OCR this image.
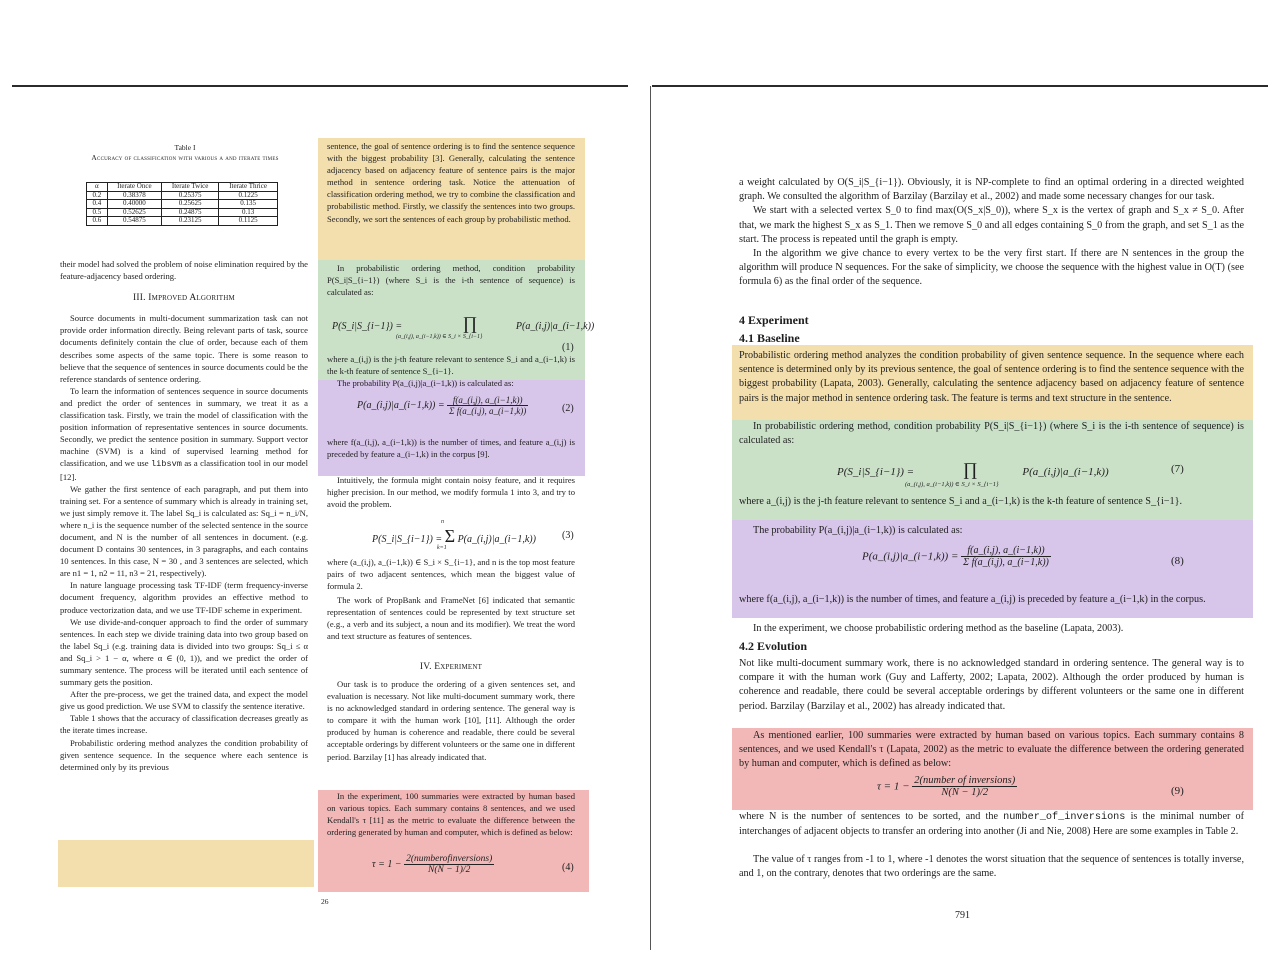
Table I
Accuracy of classification with various α and iterate times
α	Iterate Once	Iterate Twice	Iterate Thrice
0.2	0.38378	0.25375	0.1225
0.4	0.40000	0.25625	0.135
0.5	0.52625	0.24875	0.13
0.6	0.54875	0.23125	0.1125

their model had solved the problem of noise elimination required by the feature-adjacency based ordering.

III. Improved Algorithm

Source documents in multi-document summarization task can not provide order information directly. Being relevant parts of task, source documents definitely contain the clue of order, because each of them describes some aspects of the same topic. There is some reason to believe that the sequence of sentences in source documents could be the reference standards of sentence ordering.

To learn the information of sentences sequence in source documents and predict the order of sentences in summary, we treat it as a classification task. Firstly, we train the model of classification with the position information of representative sentences in source documents. Secondly, we predict the sentence position in summary. Support vector machine (SVM) is a kind of supervised learning method for classification, and we use libsvm as a classification tool in our model [12].

We gather the first sentence of each paragraph, and put them into training set. For a sentence of summary which is already in training set, we just simply remove it. The label Sq_i is calculated as: Sq_i = n_i/N, where n_i is the sequence number of the selected sentence in the source document, and N is the number of all sentences in document. (e.g. document D contains 30 sentences, in 3 paragraphs, and each contains 10 sentences. In this case, N = 30 , and 3 sentences are selected, which are n1 = 1, n2 = 11, n3 = 21, respectively).

In nature language processing task TF-IDF (term frequency-inverse document frequency, algorithm provides an effective method to produce vectorization data, and we use TF-IDF scheme in experiment.

We use divide-and-conquer approach to find the order of summary sentences. In each step we divide training data into two group based on the label Sq_i (e.g. training data is divided into two groups: Sq_i ≤ α and Sq_i > 1 − α, where α ∈ (0, 1)), and we predict the order of summary sentence. The process will be iterated until each sentence of summary gets the position.

After the pre-process, we get the trained data, and expect the model give us good prediction. We use SVM to classify the sentence iterative.

Table 1 shows that the accuracy of classification decreases greatly as the iterate times increase.

Probabilistic ordering method analyzes the condition probability of given sentence sequence. In the sequence where each sentence is determined only by its previous

sentence, the goal of sentence ordering is to find the sentence sequence with the biggest probability [3]. Generally, calculating the sentence adjacency based on adjacency feature of sentence pairs is the major method in sentence ordering task. Notice the attenuation of classification ordering method, we try to combine the classification and probabilistic method. Firstly, we classify the sentences into two groups. Secondly, we sort the sentences of each group by probabilistic method.

In probabilistic ordering method, condition probability P(S_i|S_{i−1}) (where S_i is the i-th sentence of sequence) is calculated as:

P(S_i|S_{i−1}) =	∏	P(a_(i,j)|a_(i−1,k))
(a_(i,j), a_(i−1,k)) ∈ S_i × S_{i−1}
(1)

where a_(i,j) is the j-th feature relevant to sentence S_i and a_(i−1,k) is the k-th feature of sentence S_{i−1}.

The probability P(a_(i,j)|a_(i−1,k)) is calculated as:

P(a_(i,j)|a_(i−1,k)) = $\frac{f(a\_(i,j), a\_(i-1,k))}{\text{Σ f(a\_(i,j), a\_(i−1,k))}}$	(2)

where f(a_(i,j), a_(i−1,k)) is the number of times, and feature a_(i,j) is preceded by feature a_(i−1,k) in the corpus [9].

Intuitively, the formula might contain noisy feature, and it requires higher precision. In our method, we modify formula 1 into 3, and try to avoid the problem.

P(S_i|S_{i−1}) = Σ P(a_(i,j)|a_(i−1,k))
n
k=1
(3)

where (a_(i,j), a_(i−1,k)) ∈ S_i × S_{i−1}, and n is the top most feature pairs of two adjacent sentences, which mean the biggest value of formula 2.

The work of PropBank and FrameNet [6] indicated that semantic representation of sentences could be represented by text structure set (e.g., a verb and its subject, a noun and its modifier). We treat the word and text structure as features of sentences.

IV. Experiment

Our task is to produce the ordering of a given sentences set, and evaluation is necessary. Not like multi-document summary work, there is no acknowledged standard in ordering sentence. The general way is to compare it with the human work [10], [11]. Although the order produced by human is coherence and readable, there could be several acceptable orderings by different volunteers or the same one in different period. Barzilay [1] has already indicated that.

In the experiment, 100 summaries were extracted by human based on various topics. Each summary contains 8 sentences, and we used Kendall's τ [11] as the metric to evaluate the difference between the ordering generated by human and computer, which is defined as below:

$\tau = 1 - \frac{\text{2(numberofinversions)}}{N(N - 1)/2}$	(4)
26

a weight calculated by O(S_i|S_{i−1}). Obviously, it is NP-complete to find an optimal ordering in a directed weighted graph. We consulted the algorithm of Barzilay (Barzilay et al., 2002) and made some necessary changes for our task.

We start with a selected vertex S_0 to find max(O(S_x|S_0)), where S_x is the vertex of graph and S_x ≠ S_0. After that, we mark the highest S_x as S_1. Then we remove S_0 and all edges containing S_0 from the graph, and set S_1 as the start. The process is repeated until the graph is empty.

In the algorithm we give chance to every vertex to be the very first start. If there are N sentences in the group the algorithm will produce N sequences. For the sake of simplicity, we choose the sequence with the highest value in O(T) (see formula 6) as the final order of the sequence.

4 Experiment
4.1 Baseline

Probabilistic ordering method analyzes the condition probability of given sentence sequence. In the sequence where each sentence is determined only by its previous sentence, the goal of sentence ordering is to find the sentence sequence with the biggest probability (Lapata, 2003). Generally, calculating the sentence adjacency based on adjacency feature of sentence pairs is the major method in sentence ordering task. The feature is terms and text structure in the sentence.

In probabilistic ordering method, condition probability P(S_i|S_{i−1}) (where S_i is the i-th sentence of sequence) is calculated as:

P(S_i|S_{i−1}) =	∏	P(a_(i,j)|a_(i−1,k))
(a_(i,j), a_(i−1,k)) ∈ S_i × S_{i−1}
(7)

where a_(i,j) is the j-th feature relevant to sentence S_i and a_(i−1,k) is the k-th feature of sentence S_{i−1}.

The probability P(a_(i,j)|a_(i−1,k)) is calculated as:

P(a_(i,j)|a_(i−1,k)) = $\frac{f(a\_(i,j), a\_(i-1,k))}{\text{Σ f(a\_(i,j), a\_(i−1,k))}}$	(8)

where f(a_(i,j), a_(i−1,k)) is the number of times, and feature a_(i,j) is preceded by feature a_(i−1,k) in the corpus.

In the experiment, we choose probabilistic ordering method as the baseline (Lapata, 2003).

4.2 Evolution

Not like multi-document summary work, there is no acknowledged standard in ordering sentence. The general way is to compare it with the human work (Guy and Lafferty, 2002; Lapata, 2002). Although the order produced by human is coherence and readable, there could be several acceptable orderings by different volunteers or the same one in different period. Barzilay (Barzilay et al., 2002) has already indicated that.

As mentioned earlier, 100 summaries were extracted by human based on various topics. Each summary contains 8 sentences, and we used Kendall's τ (Lapata, 2002) as the metric to evaluate the difference between the ordering generated by human and computer, which is defined as below:

$\tau = 1 - \frac{\text{2(number of inversions)}}{N(N - 1)/2}$	(9)

where N is the number of sentences to be sorted, and the number_of_inversions is the minimal number of interchanges of adjacent objects to transfer an ordering into another (Ji and Nie, 2008) Here are some examples in Table 2.

The value of τ ranges from -1 to 1, where -1 denotes the worst situation that the sequence of sentences is totally inverse, and 1, on the contrary, denotes that two orderings are the same.

791
